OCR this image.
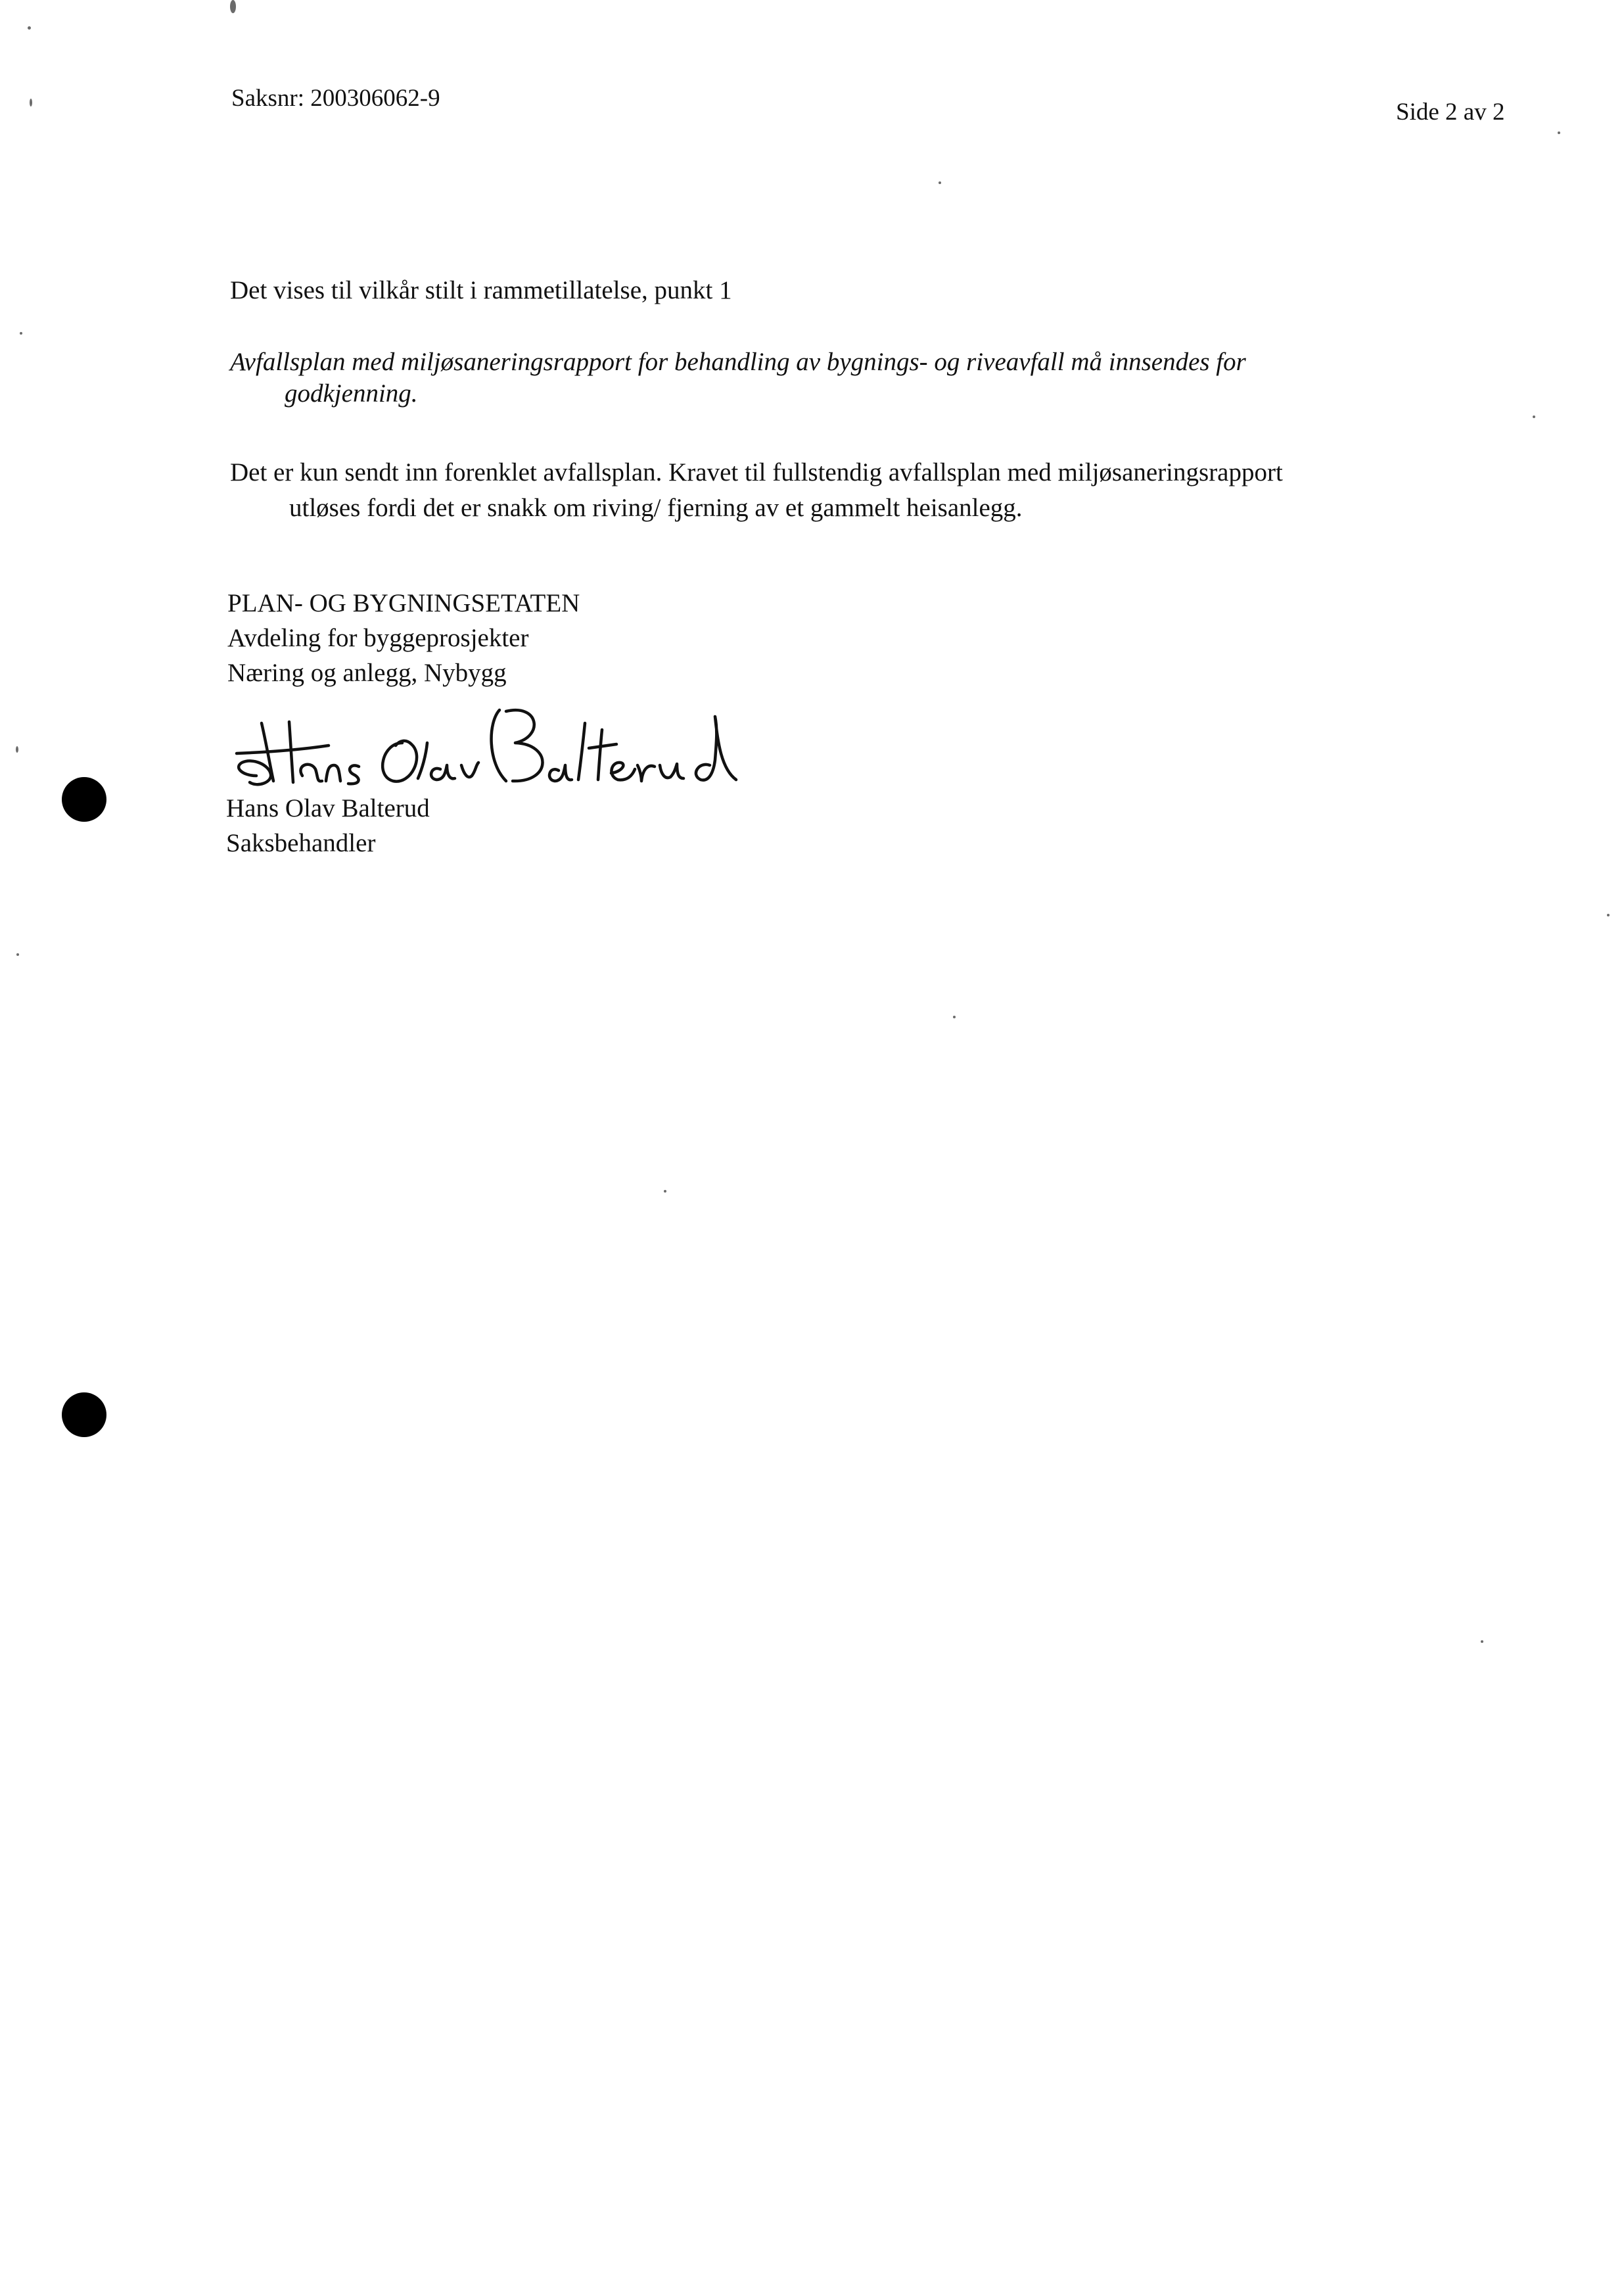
Saksnr: 200306062-9
Side 2 av 2
Det vises til vilkår stilt i rammetillatelse, punkt 1
Avfallsplan med miljøsaneringsrapport for behandling av bygnings- og riveavfall må innsendes for
godkjenning.
Det er kun sendt inn forenklet avfallsplan. Kravet til fullstendig avfallsplan med miljøsaneringsrapport
utløses fordi det er snakk om riving/ fjerning av et gammelt heisanlegg.
PLAN- OG BYGNINGSETATEN
Avdeling for byggeprosjekter
Næring og anlegg, Nybygg
Hans Olav Balterud
Saksbehandler
